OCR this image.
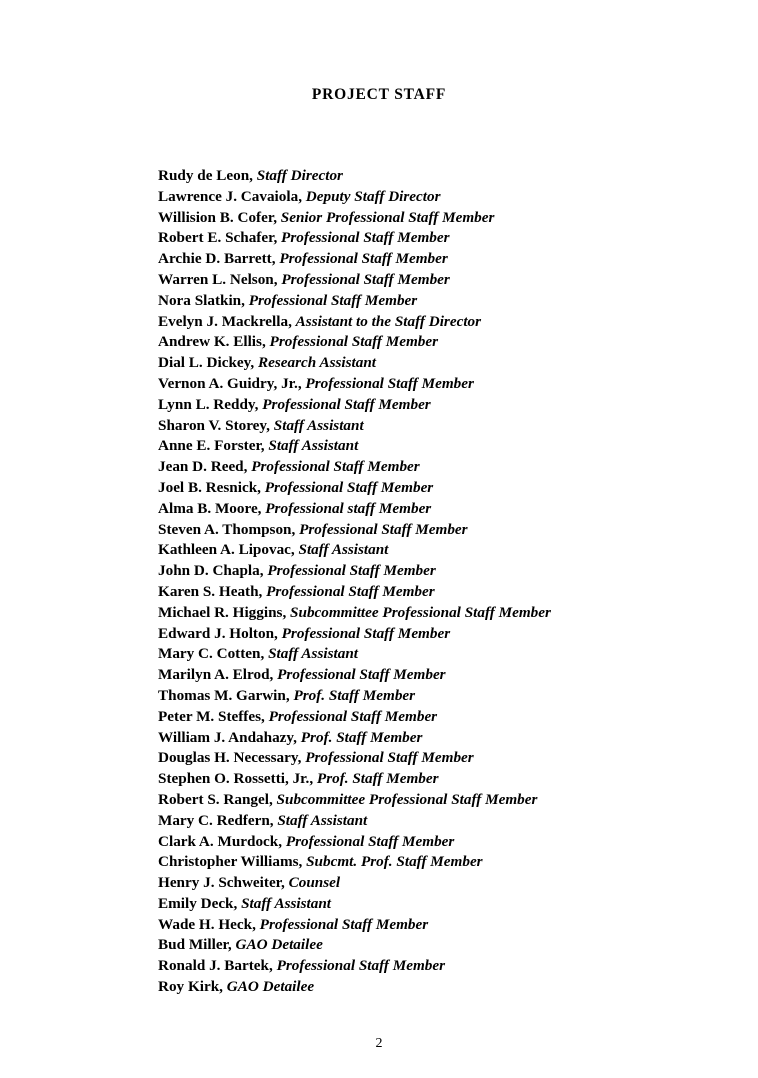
PROJECT STAFF
Rudy de Leon, Staff Director
Lawrence J. Cavaiola, Deputy Staff Director
Willision B. Cofer, Senior Professional Staff Member
Robert E. Schafer, Professional Staff Member
Archie D. Barrett, Professional Staff Member
Warren L. Nelson, Professional Staff Member
Nora Slatkin, Professional Staff Member
Evelyn J. Mackrella, Assistant to the Staff Director
Andrew K. Ellis, Professional Staff Member
Dial L. Dickey, Research Assistant
Vernon A. Guidry, Jr., Professional Staff Member
Lynn L. Reddy, Professional Staff Member
Sharon V. Storey, Staff Assistant
Anne E. Forster, Staff Assistant
Jean D. Reed, Professional Staff Member
Joel B. Resnick, Professional Staff Member
Alma B. Moore, Professional staff Member
Steven A. Thompson, Professional Staff Member
Kathleen A. Lipovac, Staff Assistant
John D. Chapla, Professional Staff Member
Karen S. Heath, Professional Staff Member
Michael R. Higgins, Subcommittee Professional Staff Member
Edward J. Holton, Professional Staff Member
Mary C. Cotten, Staff Assistant
Marilyn A. Elrod, Professional Staff Member
Thomas M. Garwin, Prof. Staff Member
Peter M. Steffes, Professional Staff Member
William J. Andahazy, Prof. Staff Member
Douglas H. Necessary, Professional Staff Member
Stephen O. Rossetti, Jr., Prof. Staff Member
Robert S. Rangel, Subcommittee Professional Staff Member
Mary C. Redfern, Staff Assistant
Clark A. Murdock, Professional Staff Member
Christopher Williams, Subcmt. Prof. Staff Member
Henry J. Schweiter, Counsel
Emily Deck, Staff Assistant
Wade H. Heck, Professional Staff Member
Bud Miller, GAO Detailee
Ronald J. Bartek, Professional Staff Member
Roy Kirk, GAO Detailee
2
